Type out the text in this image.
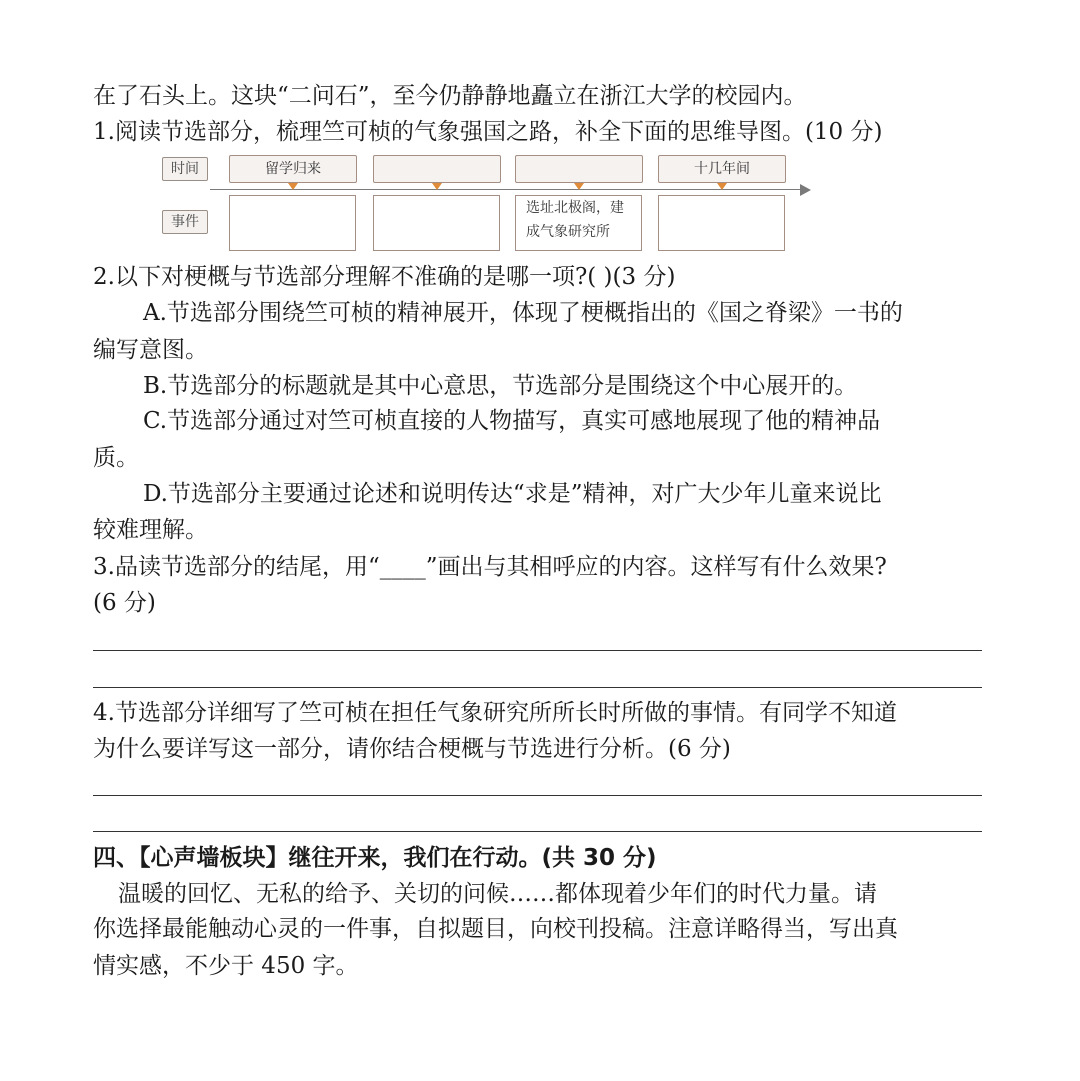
在了石头上。这块“二问石”，至今仍静静地矗立在浙江大学的校园内。
1.阅读节选部分，梳理竺可桢的气象强国之路，补全下面的思维导图。(10 分)
时间
事件
留学归来	十几年间
选址北极阁，建
成气象研究所
2.以下对梗概与节选部分理解不准确的是哪一项?( )(3 分)
A.节选部分围绕竺可桢的精神展开，体现了梗概指出的《国之脊梁》一书的
编写意图。
B.节选部分的标题就是其中心意思，节选部分是围绕这个中心展开的。
C.节选部分通过对竺可桢直接的人物描写，真实可感地展现了他的精神品
质。
D.节选部分主要通过论述和说明传达“求是”精神，对广大少年儿童来说比
较难理解。
3.品读节选部分的结尾，用“____”画出与其相呼应的内容。这样写有什么效果?
(6 分)
4.节选部分详细写了竺可桢在担任气象研究所所长时所做的事情。有同学不知道
为什么要详写这一部分，请你结合梗概与节选进行分析。(6 分)
四、【心声墙板块】继往开来，我们在行动。(共 30 分)
温暖的回忆、无私的给予、关切的问候……都体现着少年们的时代力量。请
你选择最能触动心灵的一件事，自拟题目，向校刊投稿。注意详略得当，写出真
情实感，不少于 450 字。
